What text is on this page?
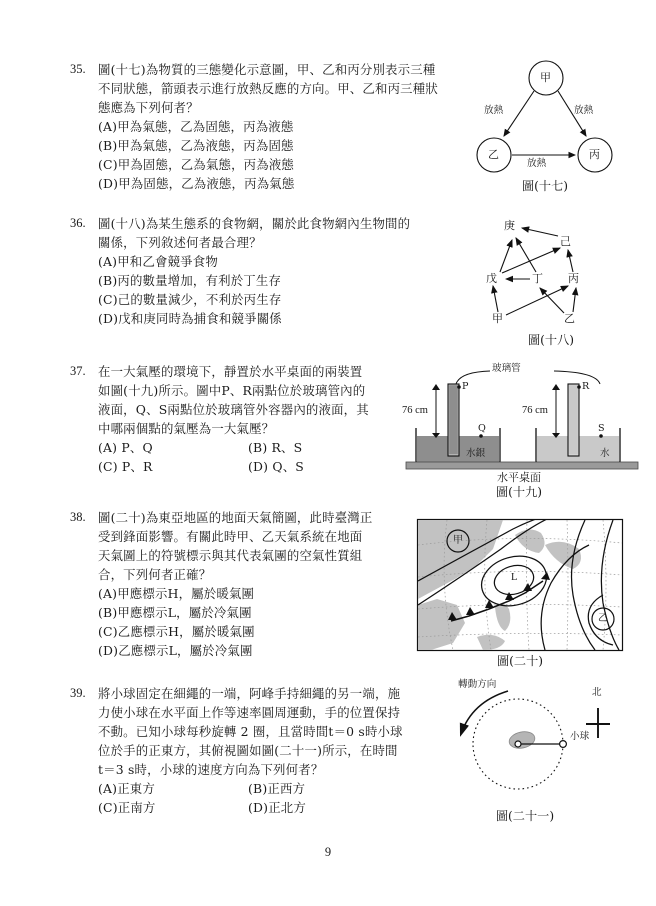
35. 圖(十七)為物質的三態變化示意圖，甲、乙和丙分別表示三種
不同狀態，箭頭表示進行放熱反應的方向。甲、乙和丙三種狀
態應為下列何者？
(A)甲為氣態，乙為固態，丙為液態
(B)甲為氣態，乙為液態，丙為固態
(C)甲為固態，乙為氣態，丙為液態
(D)甲為固態，乙為液態，丙為氣態
甲
乙	丙
放熱	放熱
放熱
圖(十七)
36. 圖(十八)為某生態系的食物網，關於此食物網內生物間的
關係，下列敘述何者最合理？
(A)甲和乙會競爭食物
(B)丙的數量增加，有利於丁生存
(C)己的數量減少，不利於丙生存
(D)戊和庚同時為捕食和競爭關係
庚
己
戊	丁 丙
甲	乙
圖(十八)
37. 在一大氣壓的環境下，靜置於水平桌面的兩裝置
如圖(十九)所示。圖中P、R兩點位於玻璃管內的
液面，Q、S兩點位於玻璃管外容器內的液面，其
中哪兩個點的氣壓為一大氣壓？
(A) P、Q	(B) R、S
(C) P、R	(D) Q、S
玻璃管
P
Q
R
S
76 cm	76 cm
水銀	水
水平桌面
圖(十九)
38. 圖(二十)為東亞地區的地面天氣簡圖，此時臺灣正
受到鋒面影響。有關此時甲、乙天氣系統在地面
天氣圖上的符號標示與其代表氣團的空氣性質組
合，下列何者正確？
(A)甲應標示H，屬於暖氣團
(B)甲應標示L，屬於冷氣團
(C)乙應標示H，屬於暖氣團
(D)乙應標示L，屬於冷氣團
甲
乙
L
圖(二十)
39. 將小球固定在細繩的一端，阿峰手持細繩的另一端，施
力使小球在水平面上作等速率圓周運動，手的位置保持
不動。已知小球每秒旋轉 2 圈，且當時間t＝0 s時小球
位於手的正東方，其俯視圖如圖(二十一)所示，在時間
t＝3 s時，小球的速度方向為下列何者？
(A)正東方	(B)正西方
(C)正南方	(D)正北方
轉動方向
北
小球
圖(二十一)
9
